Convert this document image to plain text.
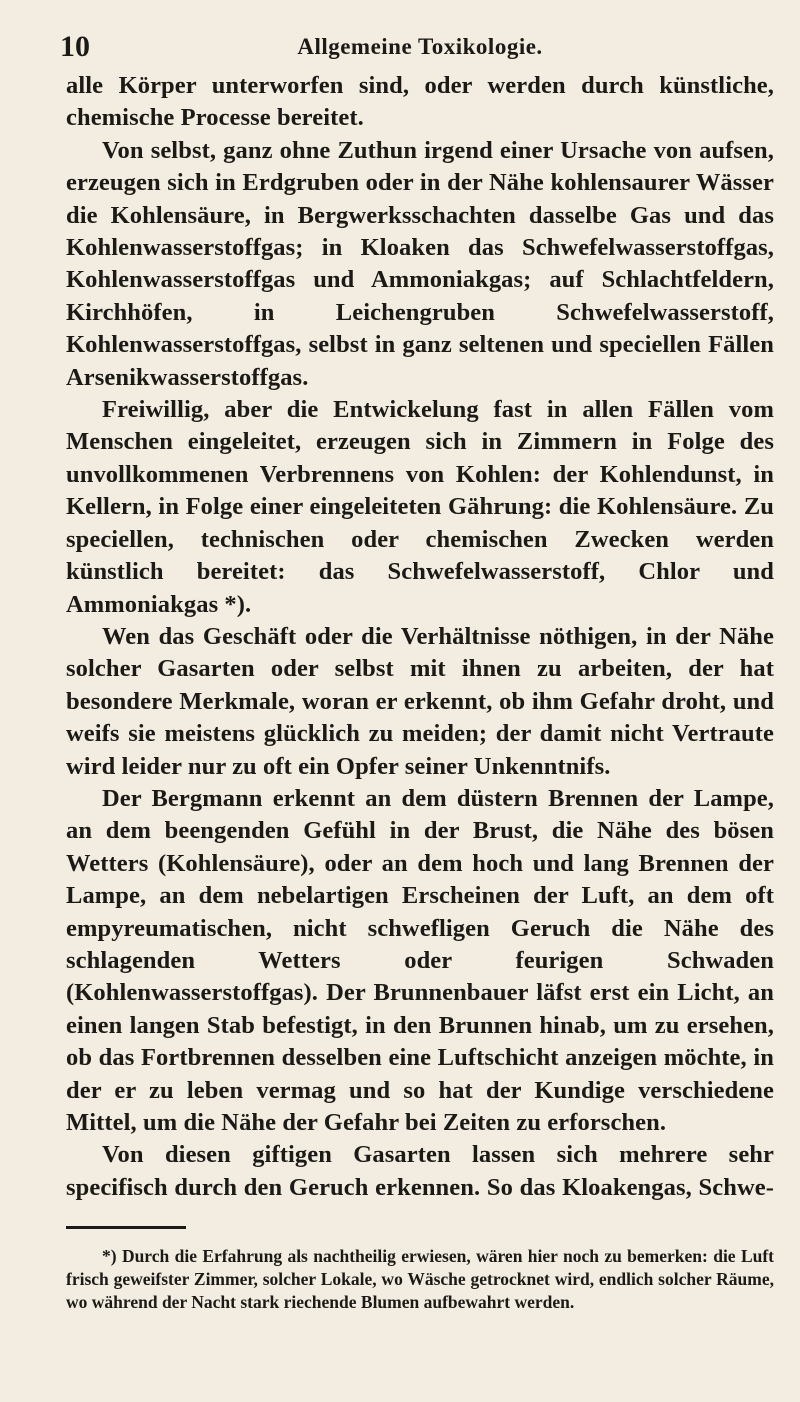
10	Allgemeine Toxikologie.

alle Körper unterworfen sind, oder werden durch künstliche, chemische Processe bereitet.

Von selbst, ganz ohne Zuthun irgend einer Ursache von aufsen, erzeugen sich in Erdgruben oder in der Nähe kohlensaurer Wässer die Kohlensäure, in Bergwerksschachten dasselbe Gas und das Kohlenwasserstoffgas; in Kloaken das Schwefelwasserstoffgas, Kohlenwasserstoffgas und Ammoniakgas; auf Schlachtfeldern, Kirchhöfen, in Leichengruben Schwefelwasserstoff, Kohlenwasserstoffgas, selbst in ganz seltenen und speciellen Fällen Arsenikwasserstoffgas.

Freiwillig, aber die Entwickelung fast in allen Fällen vom Menschen eingeleitet, erzeugen sich in Zimmern in Folge des unvollkommenen Verbrennens von Kohlen: der Kohlendunst, in Kellern, in Folge einer eingeleiteten Gährung: die Kohlensäure. Zu speciellen, technischen oder chemischen Zwecken werden künstlich bereitet: das Schwefelwasserstoff, Chlor und Ammoniakgas *).

Wen das Geschäft oder die Verhältnisse nöthigen, in der Nähe solcher Gasarten oder selbst mit ihnen zu arbeiten, der hat besondere Merkmale, woran er erkennt, ob ihm Gefahr droht, und weifs sie meistens glücklich zu meiden; der damit nicht Vertraute wird leider nur zu oft ein Opfer seiner Unkenntnifs.

Der Bergmann erkennt an dem düstern Brennen der Lampe, an dem beengenden Gefühl in der Brust, die Nähe des bösen Wetters (Kohlensäure), oder an dem hoch und lang Brennen der Lampe, an dem nebelartigen Erscheinen der Luft, an dem oft empyreumatischen, nicht schwefligen Geruch die Nähe des schlagenden Wetters oder feurigen Schwaden (Kohlenwasserstoffgas). Der Brunnenbauer läfst erst ein Licht, an einen langen Stab befestigt, in den Brunnen hinab, um zu ersehen, ob das Fortbrennen desselben eine Luftschicht anzeigen möchte, in der er zu leben vermag und so hat der Kundige verschiedene Mittel, um die Nähe der Gefahr bei Zeiten zu erforschen.

Von diesen giftigen Gasarten lassen sich mehrere sehr specifisch durch den Geruch erkennen. So das Kloakengas, Schwe-

*) Durch die Erfahrung als nachtheilig erwiesen, wären hier noch zu bemerken: die Luft frisch geweifster Zimmer, solcher Lokale, wo Wäsche getrocknet wird, endlich solcher Räume, wo während der Nacht stark riechende Blumen aufbewahrt werden.
